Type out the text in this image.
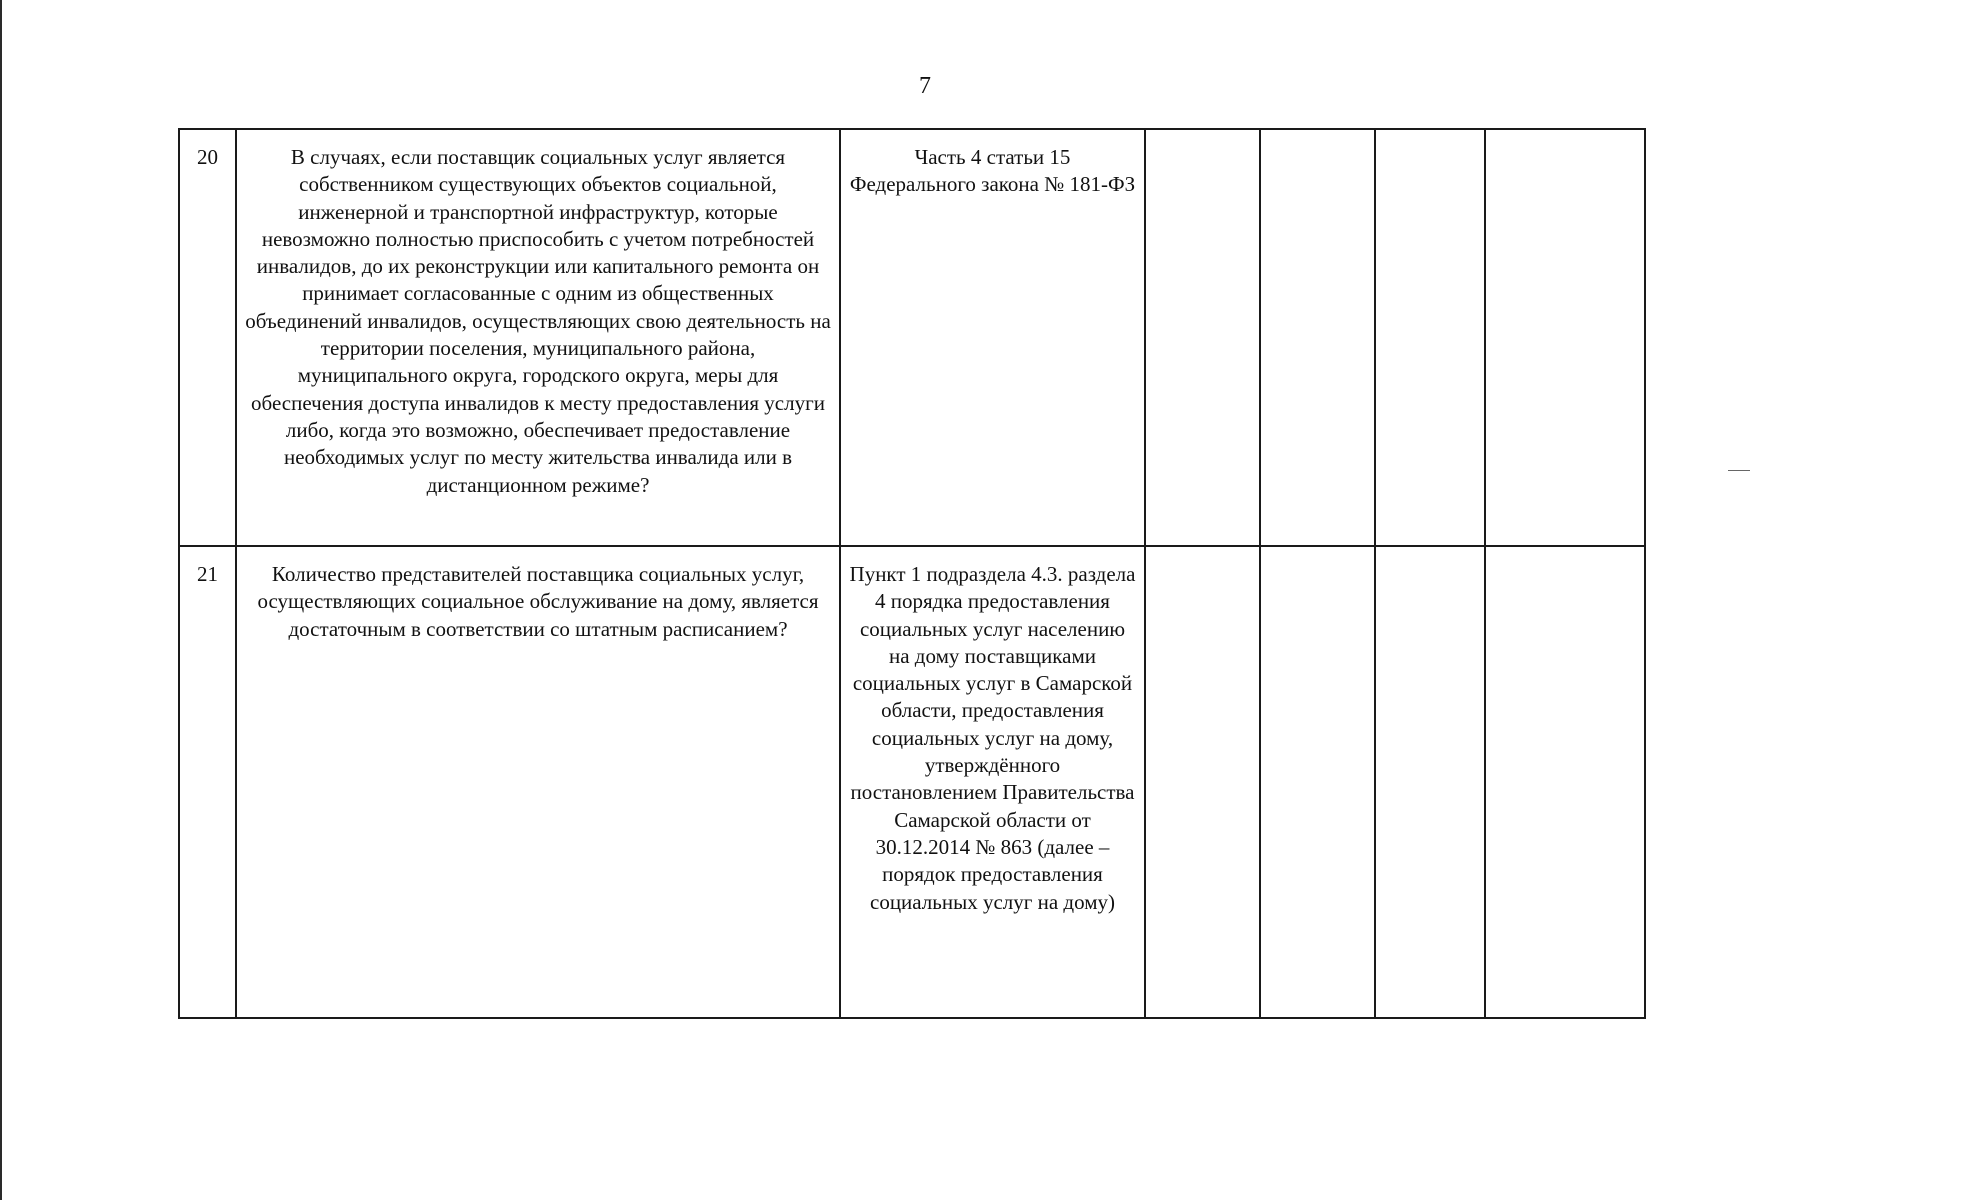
7
20	В случаях, если поставщик социальных услуг является собственником существующих объектов социальной, инженерной и транспортной инфраструктур, которые невозможно полностью приспособить с учетом потребностей инвалидов, до их реконструкции или капитального ремонта он принимает согласованные с одним из общественных объединений инвалидов, осуществляющих свою деятельность на территории поселения, муниципального района, муниципального округа, городского округа, меры для обеспечения доступа инвалидов к месту предоставления услуги либо, когда это возможно, обеспечивает предоставление необходимых услуг по месту жительства инвалида или в дистанционном режиме?	Часть 4 статьи 15 Федерального закона № 181-ФЗ				
21	Количество представителей поставщика социальных услуг, осуществляющих социальное обслуживание на дому, является достаточным в соответствии со штатным расписанием?	Пункт 1 подраздела 4.3. раздела 4 порядка предоставления социальных услуг населению на дому поставщиками социальных услуг в Самарской области, предоставления социальных услуг на дому, утверждённого постановлением Правительства Самарской области от 30.12.2014 № 863 (далее – порядок предоставления социальных услуг на дому)				
